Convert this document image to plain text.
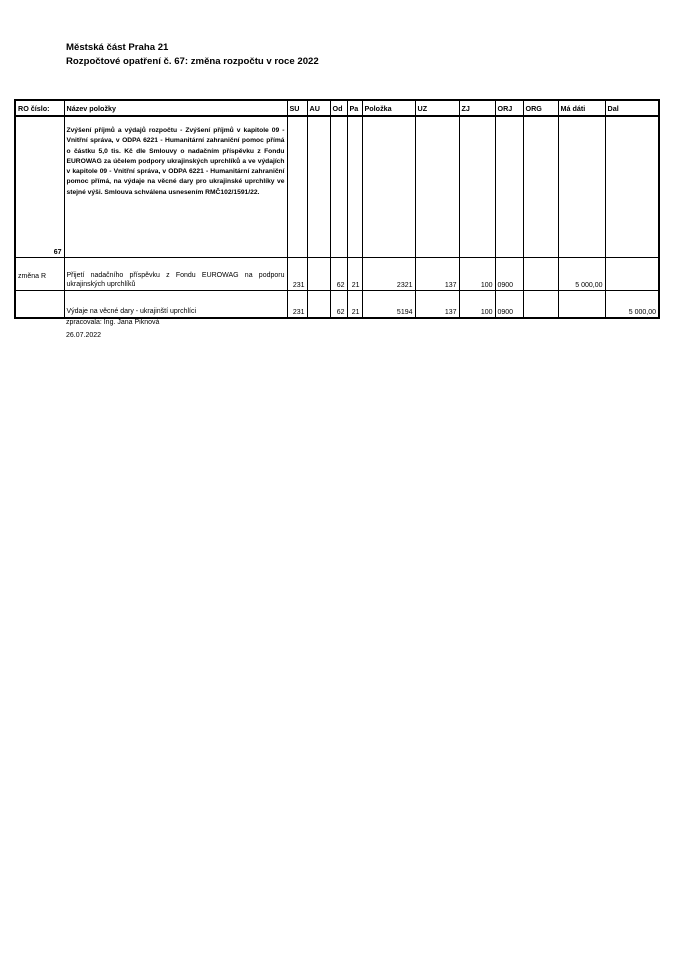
Městská část Praha 21
Rozpočtové opatření č. 67: změna rozpočtu v roce 2022
RO číslo:	Název položky	SU	AU	Od	Pa	Položka	UZ	ZJ	ORJ	ORG	Má dáti	Dal
67	Zvýšení příjmů a výdajů rozpočtu - Zvýšení příjmů v kapitole 09 - Vnitřní správa, v ODPA 6221 - Humanitární zahraniční pomoc přímá o částku 5,0 tis. Kč dle Smlouvy o nadačním příspěvku z Fondu EUROWAG za účelem podpory ukrajinských uprchlíků a ve výdajích v kapitole 09 - Vnitřní správa, v ODPA 6221 - Humanitární zahraniční pomoc přímá, na výdaje na věcné dary pro ukrajinské uprchlíky ve stejné výši. Smlouva schválena usnesením RMČ102/1591/22.											
změna R	Přijetí nadačního příspěvku z Fondu EUROWAG na podporu ukrajinských uprchlíků	231		62	21	2321	137	100	0900		5 000,00	
	Výdaje na věcné dary - ukrajinští uprchlíci	231		62	21	5194	137	100	0900			5 000,00
zpracovala: Ing. Jana Piknová
26.07.2022
